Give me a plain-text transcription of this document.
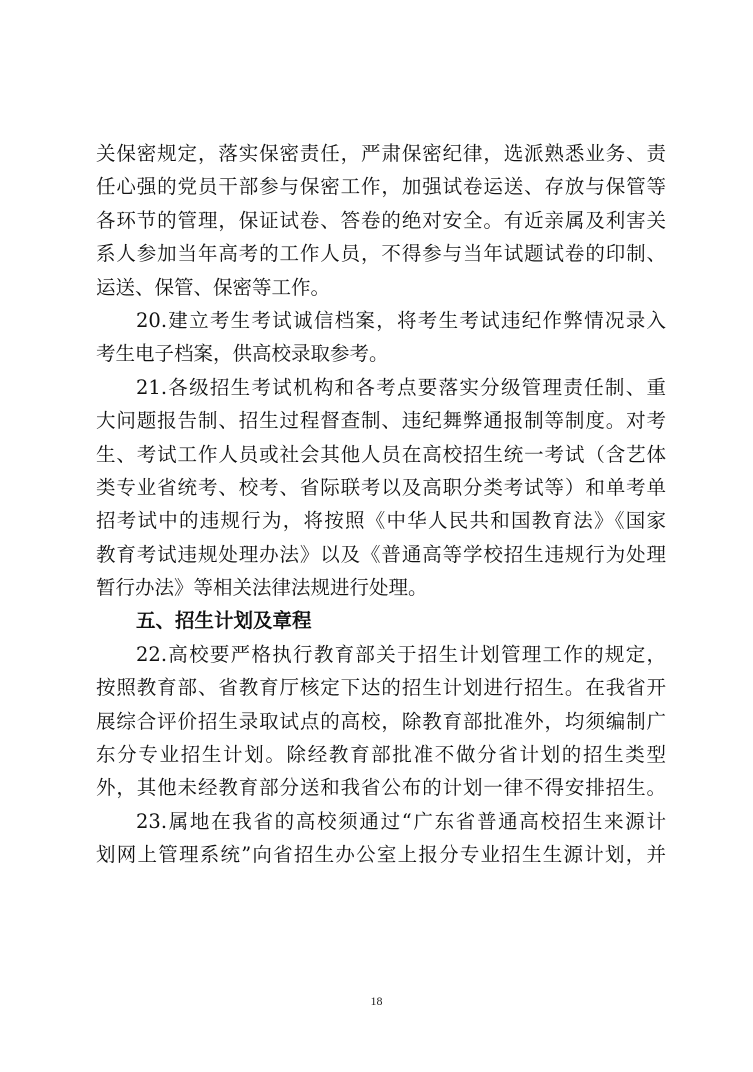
关保密规定，落实保密责任，严肃保密纪律，选派熟悉业务、责
任心强的党员干部参与保密工作，加强试卷运送、存放与保管等
各环节的管理，保证试卷、答卷的绝对安全。有近亲属及利害关
系人参加当年高考的工作人员，不得参与当年试题试卷的印制、
运送、保管、保密等工作。
20.建立考生考试诚信档案，将考生考试违纪作弊情况录入
考生电子档案，供高校录取参考。
21.各级招生考试机构和各考点要落实分级管理责任制、重
大问题报告制、招生过程督查制、违纪舞弊通报制等制度。对考
生、考试工作人员或社会其他人员在高校招生统一考试（含艺体
类专业省统考、校考、省际联考以及高职分类考试等）和单考单
招考试中的违规行为，将按照《中华人民共和国教育法》《国家
教育考试违规处理办法》以及《普通高等学校招生违规行为处理
暂行办法》等相关法律法规进行处理。
五、招生计划及章程
22.高校要严格执行教育部关于招生计划管理工作的规定，
按照教育部、省教育厅核定下达的招生计划进行招生。在我省开
展综合评价招生录取试点的高校，除教育部批准外，均须编制广
东分专业招生计划。除经教育部批准不做分省计划的招生类型
外，其他未经教育部分送和我省公布的计划一律不得安排招生。
23.属地在我省的高校须通过“广东省普通高校招生来源计
划网上管理系统”向省招生办公室上报分专业招生生源计划，并
18
